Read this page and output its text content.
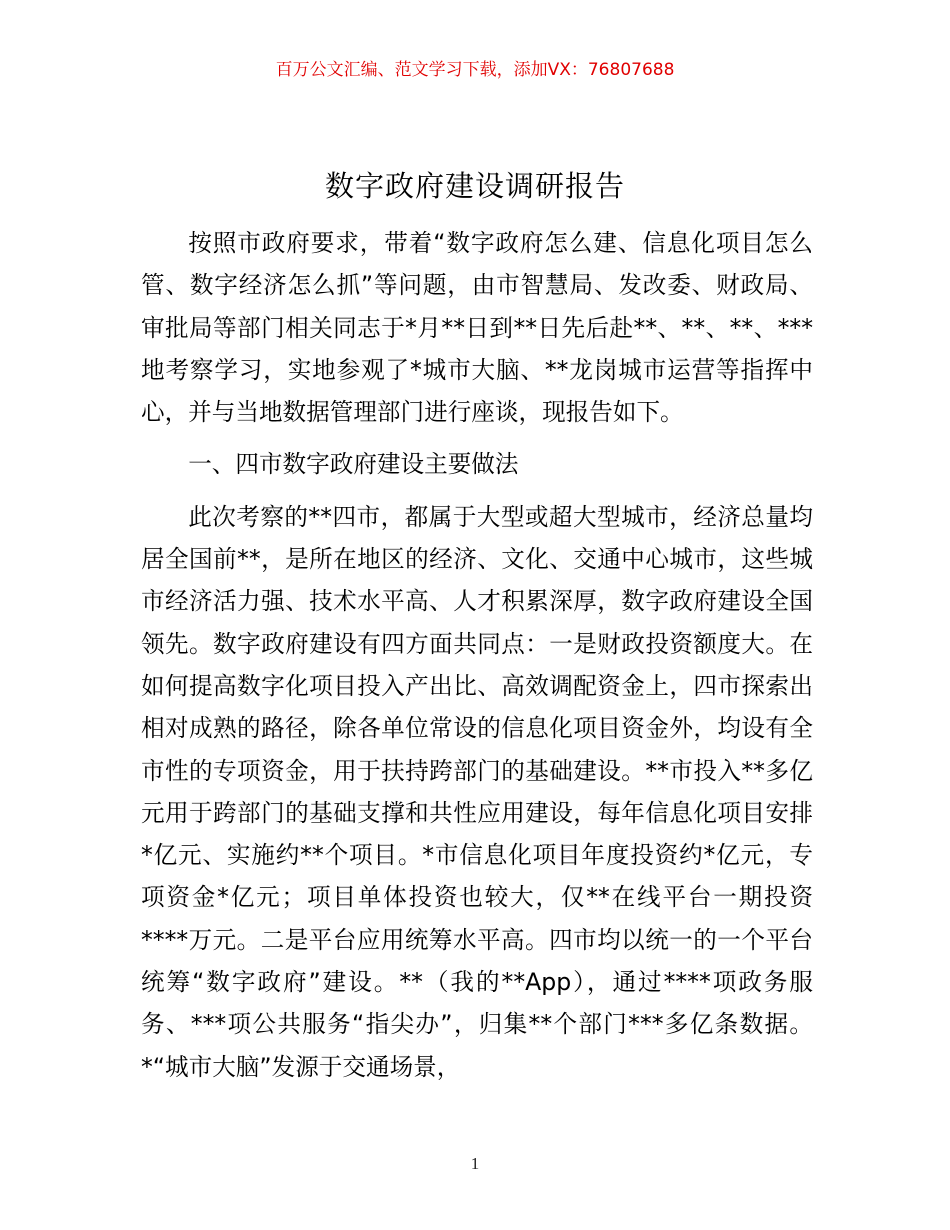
百万公文汇编、范文学习下载，添加VX：76807688
数字政府建设调研报告

按照市政府要求，带着“数字政府怎么建、信息化项目怎么管、数字经济怎么抓”等问题，由市智慧局、发改委、财政局、审批局等部门相关同志于*月**日到**日先后赴**、**、**、***地考察学习，实地参观了*城市大脑、**龙岗城市运营等指挥中心，并与当地数据管理部门进行座谈，现报告如下。

一、四市数字政府建设主要做法

此次考察的**四市，都属于大型或超大型城市，经济总量均居全国前**，是所在地区的经济、文化、交通中心城市，这些城市经济活力强、技术水平高、人才积累深厚，数字政府建设全国领先。数字政府建设有四方面共同点：一是财政投资额度大。在如何提高数字化项目投入产出比、高效调配资金上，四市探索出相对成熟的路径，除各单位常设的信息化项目资金外，均设有全市性的专项资金，用于扶持跨部门的基础建设。**市投入**多亿元用于跨部门的基础支撑和共性应用建设，每年信息化项目安排*亿元、实施约**个项目。*市信息化项目年度投资约*亿元，专项资金*亿元；项目单体投资也较大，仅**在线平台一期投资****万元。二是平台应用统筹水平高。四市均以统一的一个平台统筹“数字政府”建设。**（我的**App），通过****项政务服务、***项公共服务“指尖办”，归集**个部门***多亿条数据。*“城市大脑”发源于交通场景，

1
